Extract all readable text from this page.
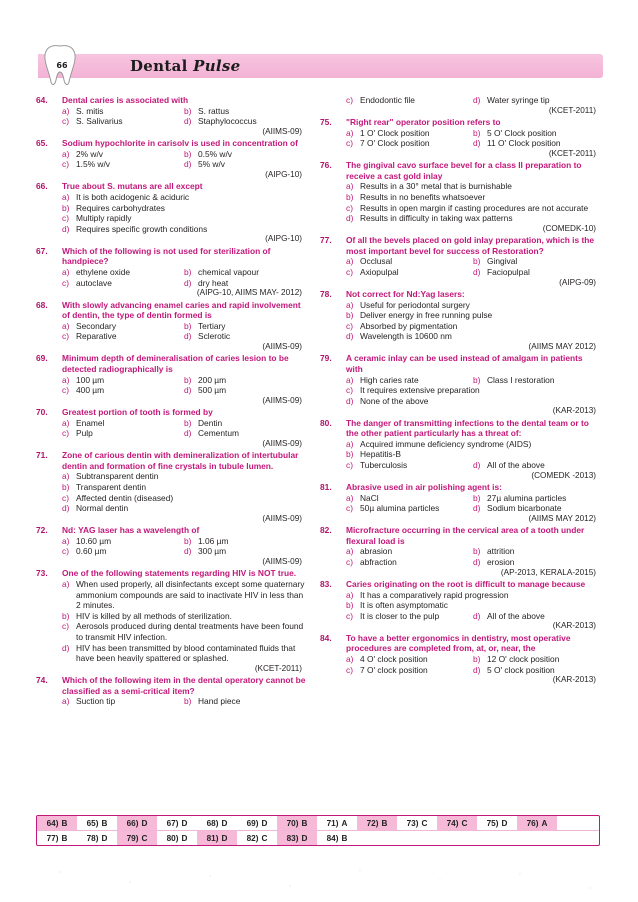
66	Dental Pulse
64.	Dental caries is associated with
a) S. mitis	b) S. rattus
c) S. Salivarius	d) Staphylococcus
(AIIMS-09)
65.	Sodium hypochlorite in carisolv is used in concentration of
a) 2% w/v	b) 0.5% w/v
c) 1.5% w/v	d) 5% w/v
(AIPG-10)
66.	True about S. mutans are all except
a) It is both acidogenic & aciduric
b) Requires carbohydrates
c) Multiply rapidly
d) Requires specific growth conditions
(AIPG-10)
67.	Which of the following is not used for sterilization of handpiece?
a) ethylene oxide	b) chemical vapour
c) autoclave	d) dry heat
(AIPG-10, AIIMS MAY- 2012)
68.	With slowly advancing enamel caries and rapid involvement of dentin, the type of dentin formed is
a) Secondary	b) Tertiary
c) Reparative	d) Sclerotic
(AIIMS-09)
69.	Minimum depth of demineralisation of caries lesion to be detected radiographically is
a) 100 µm	b) 200 µm
c) 400 µm	d) 500 µm
(AIIMS-09)
70.	Greatest portion of tooth is formed by
a) Enamel	b) Dentin
c) Pulp	d) Cementum
(AIIMS-09)
71.	Zone of carious dentin with demineralization of intertubular dentin and formation of fine crystals in tubule lumen.
a) Subtransparent dentin
b) Transparent dentin
c) Affected dentin (diseased)
d) Normal dentin
(AIIMS-09)
72.	Nd: YAG laser has a wavelength of
a) 10.60 µm	b) 1.06 µm
c) 0.60 µm	d) 300 µm
(AIIMS-09)
73.	One of the following statements regarding HIV is NOT true.
a) When used properly, all disinfectants except some quaternary ammonium compounds are said to inactivate HIV in less than 2 minutes.
b) HIV is killed by all methods of sterilization.
c) Aerosols produced during dental treatments have been found to transmit HIV infection.
d) HIV has been transmitted by blood contaminated fluids that have been heavily spattered or splashed.
(KCET-2011)
74.	Which of the following item in the dental operatory cannot be classified as a semi-critical item?
a) Suction tip	b) Hand piece
c) Endodontic file	d) Water syringe tip
(KCET-2011)
75.	"Right rear" operator position refers to
a) 1 O' Clock position	b) 5 O' Clock position
c) 7 O' Clock position	d) 11 O' Clock position
(KCET-2011)
76.	The gingival cavo surface bevel for a class II preparation to receive a cast gold inlay
a) Results in a 30° metal that is burnishable
b) Results in no benefits whatsoever
c) Results in open margin if casting procedures are not accurate
d) Results in difficulty in taking wax patterns
(COMEDK-10)
77.	Of all the bevels placed on gold inlay preparation, which is the most important bevel for success of Restoration?
a) Occlusal	b) Gingival
c) Axiopulpal	d) Faciopulpal
(AIPG-09)
78.	Not correct for Nd:Yag lasers:
a) Useful for periodontal surgery
b) Deliver energy in free running pulse
c) Absorbed by pigmentation
d) Wavelength is 10600 nm
(AIIMS MAY 2012)
79.	A ceramic inlay can be used instead of amalgam in patients with
a) High caries rate	b) Class I restoration
c) It requires extensive preparation
d) None of the above
(KAR-2013)
80.	The danger of transmitting infections to the dental team or to the other patient particularly has a threat of:
a) Acquired immune deficiency syndrome (AIDS)
b) Hepatitis-B
c) Tuberculosis	d) All of the above
(COMEDK -2013)
81.	Abrasive used in air polishing agent is:
a) NaCl	b) 27µ alumina particles
c) 50µ alumina particles	d) Sodium bicarbonate
(AIIMS MAY 2012)
82.	Microfracture occurring in the cervical area of a tooth under flexural load is
a) abrasion	b) attrition
c) abfraction	d) erosion
(AP-2013, KERALA-2015)
83.	Caries originating on the root is difficult to manage because
a) It has a comparatively rapid progression
b) It is often asymptomatic
c) It is closer to the pulp	d) All of the above
(KAR-2013)
84.	To have a better ergonomics in dentistry, most operative procedures are completed from, at, or, near, the
a) 4 O' clock position	b) 12 O' clock position
c) 7 O' clock position	d) 5 O' clock position
(KAR-2013)
64) B 65) B 66) D 67) D 68) D 69) D 70) B 71) A 72) B 73) C 74) C 75) D 76) A
77) B 78) D 79) C 80) D 81) D 82) C 83) D 84) B
